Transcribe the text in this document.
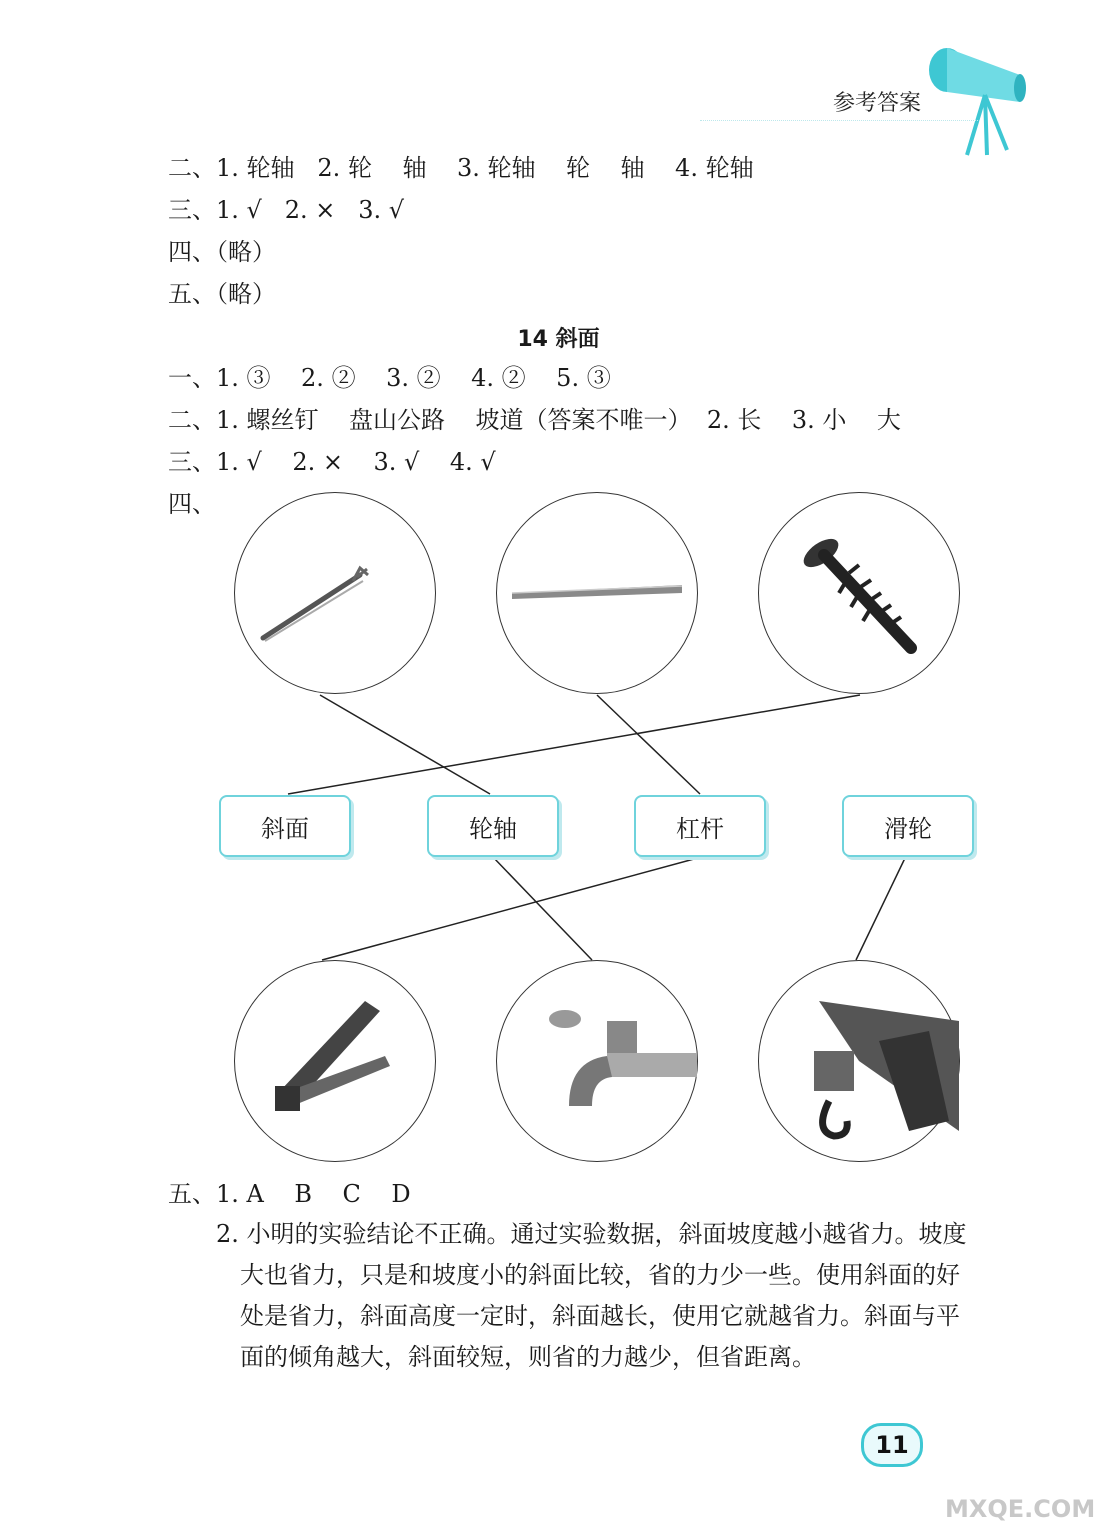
参考答案
二、1. 轮轴   2. 轮    轴    3. 轮轴    轮    轴    4. 轮轴
三、1. √   2. ×   3. √
四、（略）
五、（略）
14 斜面
一、1. ③    2. ②    3. ②    4. ②    5. ③
二、1. 螺丝钉    盘山公路    坡道（答案不唯一）  2. 长    3. 小    大
三、1. √    2. ×    3. √    4. √
四、
斜面	轮轴	杠杆	滑轮
五、1. A    B    C    D
2. 小明的实验结论不正确。通过实验数据，斜面坡度越小越省力。坡度
大也省力，只是和坡度小的斜面比较，省的力少一些。使用斜面的好
处是省力，斜面高度一定时，斜面越长，使用它就越省力。斜面与平
面的倾角越大，斜面较短，则省的力越少，但省距离。
11
MXQE.COM
